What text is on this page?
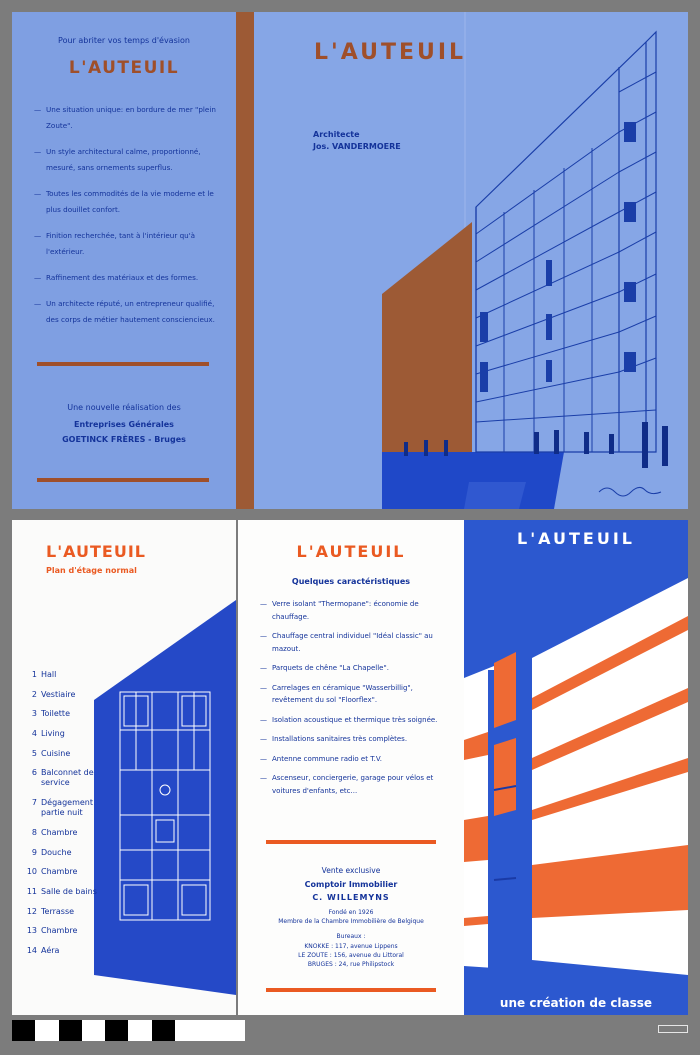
Pour abriter vos temps d'évasion
L'AUTEUIL
— Une situation unique: en bordure de mer "plein Zoute".
— Un style architectural calme, proportionné, mesuré, sans ornements superflus.
— Toutes les commodités de la vie moderne et le plus douillet confort.
— Finition recherchée, tant à l'intérieur qu'à l'extérieur.
— Raffinement des matériaux et des formes.
— Un architecte réputé, un entrepreneur qualifié, des corps de métier hautement consciencieux.
Une nouvelle réalisation des
Entreprises Générales
GOETINCK FRÈRES - Bruges
L'AUTEUIL
Architecte
Jos. VANDERMOERE
L'AUTEUIL
Plan d'étage normal
1 Hall
2 Vestiaire
3 Toilette
4 Living
5 Cuisine
6 Balconnet de service
7 Dégagement partie nuit
8 Chambre
9 Douche
10 Chambre
11 Salle de bains
12 Terrasse
13 Chambre
14 Aéra
L'AUTEUIL
Quelques caractéristiques
— Verre isolant "Thermopane": économie de chauffage.
— Chauffage central individuel "Idéal classic" au mazout.
— Parquets de chêne "La Chapelle".
— Carrelages en céramique "Wasserbillig", revêtement du sol "Floorflex".
— Isolation acoustique et thermique très soignée.
— Installations sanitaires très complètes.
— Antenne commune radio et T.V.
— Ascenseur, conciergerie, garage pour vélos et voitures d'enfants, etc...
Vente exclusive
Comptoir Immobilier
C. WILLEMYNS
Fondé en 1926
Membre de la Chambre Immobilière de Belgique
Bureaux :
KNOKKE : 117, avenue Lippens
LE ZOUTE : 156, avenue du Littoral
BRUGES : 24, rue Philipstock
L'AUTEUIL
une création de classe
